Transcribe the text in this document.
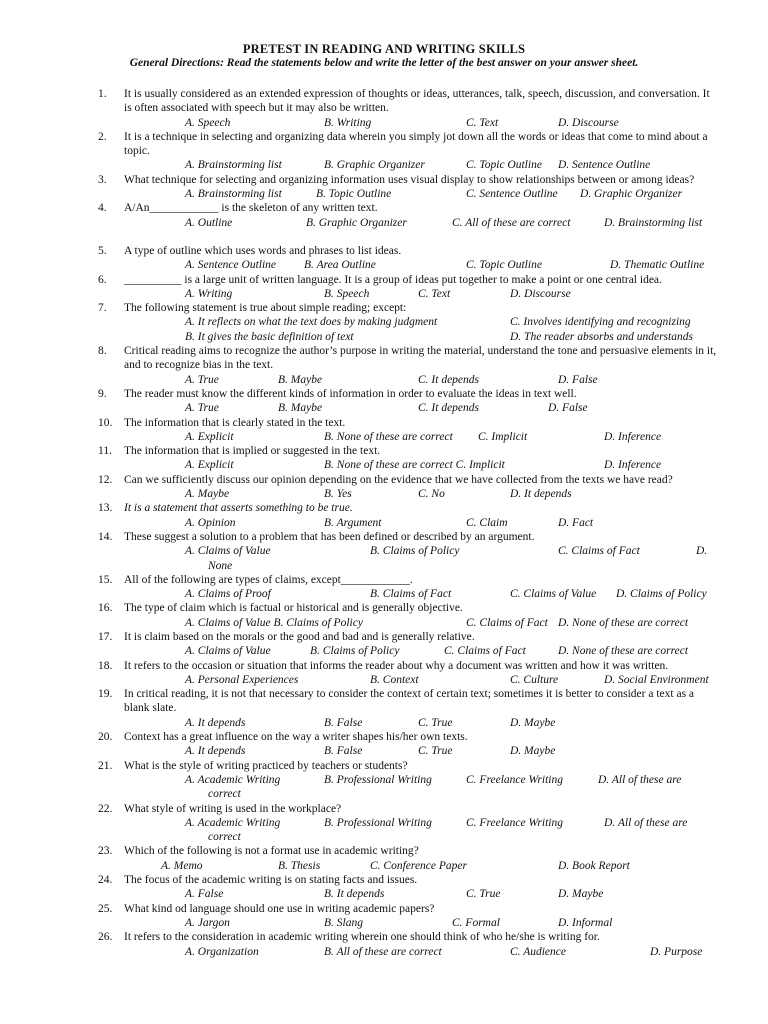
PRETEST IN READING AND WRITING SKILLS
General Directions: Read the statements below and write the letter of the best answer on your answer sheet.
1. It is usually considered as an extended expression of thoughts or ideas, utterances, talk, speech, discussion, and conversation. It is often associated with speech but it may also be written.
A. Speech	B. Writing	C. Text	D. Discourse
2. It is a technique in selecting and organizing data wherein you simply jot down all the words or ideas that come to mind about a topic.
A. Brainstorming list	B. Graphic Organizer	C. Topic Outline D. Sentence Outline
3. What technique for selecting and organizing information uses visual display to show relationships between or among ideas?
A. Brainstorming list	B. Topic Outline	C. Sentence Outline D. Graphic Organizer
4. A/An____________ is the skeleton of any written text.
A. Outline	B. Graphic Organizer	C. All of these are correct	D. Brainstorming list
5. A type of outline which uses words and phrases to list ideas.
A. Sentence Outline B. Area Outline	C. Topic Outline	D. Thematic Outline
6. __________ is a large unit of written language. It is a group of ideas put together to make a point or one central idea.
A. Writing	B. Speech	C. Text	D. Discourse
7. The following statement is true about simple reading; except:
A. It reflects on what the text does by making judgment	C. Involves identifying and recognizing
B. It gives the basic definition of text	D. The reader absorbs and understands
8. Critical reading aims to recognize the author’s purpose in writing the material, understand the tone and persuasive elements in it, and to recognize bias in the text.
A. True	B. Maybe	C. It depends	D. False
9. The reader must know the different kinds of information in order to evaluate the ideas in text well.
A. True	B. Maybe	C. It depends	D. False
10. The information that is clearly stated in the text.
A. Explicit	B. None of these are correct C. Implicit	D. Inference
11. The information that is implied or suggested in the text.
A. Explicit	B. None of these are correct C. Implicit	D. Inference
12. Can we sufficiently discuss our opinion depending on the evidence that we have collected from the texts we have read?
A. Maybe	B. Yes	C. No	D. It depends
13. It is a statement that asserts something to be true.
A. Opinion	B. Argument	C. Claim	D. Fact
14. These suggest a solution to a problem that has been defined or described by an argument.
A. Claims of Value	B. Claims of Policy	C. Claims of Fact	D.
None
15. All of the following are types of claims, except____________.
A. Claims of Proof	B. Claims of Fact	C. Claims of Value D. Claims of Policy
16. The type of claim which is factual or historical and is generally objective.
A. Claims of Value B. Claims of Policy	C. Claims of Fact D. None of these are correct
17. It is claim based on the morals or the good and bad and is generally relative.
A. Claims of Value	B. Claims of Policy	C. Claims of Fact	D. None of these are correct
18. It refers to the occasion or situation that informs the reader about why a document was written and how it was written.
A. Personal Experiences	B. Context	C. Culture	D. Social Environment
19. In critical reading, it is not that necessary to consider the context of certain text; sometimes it is better to consider a text as a blank slate.
A. It depends	B. False	C. True	D. Maybe
20. Context has a great influence on the way a writer shapes his/her own texts.
A. It depends	B. False	C. True	D. Maybe
21. What is the style of writing practiced by teachers or students?
A. Academic Writing	B. Professional Writing	C. Freelance Writing	D. All of these are
correct
22. What style of writing is used in the workplace?
A. Academic Writing	B. Professional Writing	C. Freelance Writing	D. All of these are
correct
23. Which of the following is not a format use in academic writing?
A. Memo	B. Thesis	C. Conference Paper	D. Book Report
24. The focus of the academic writing is on stating facts and issues.
A. False	B. It depends	C. True	D. Maybe
25. What kind od language should one use in writing academic papers?
A. Jargon	B. Slang	C. Formal	D. Informal
26. It refers to the consideration in academic writing wherein one should think of who he/she is writing for.
A. Organization	B. All of these are correct	C. Audience	D. Purpose
